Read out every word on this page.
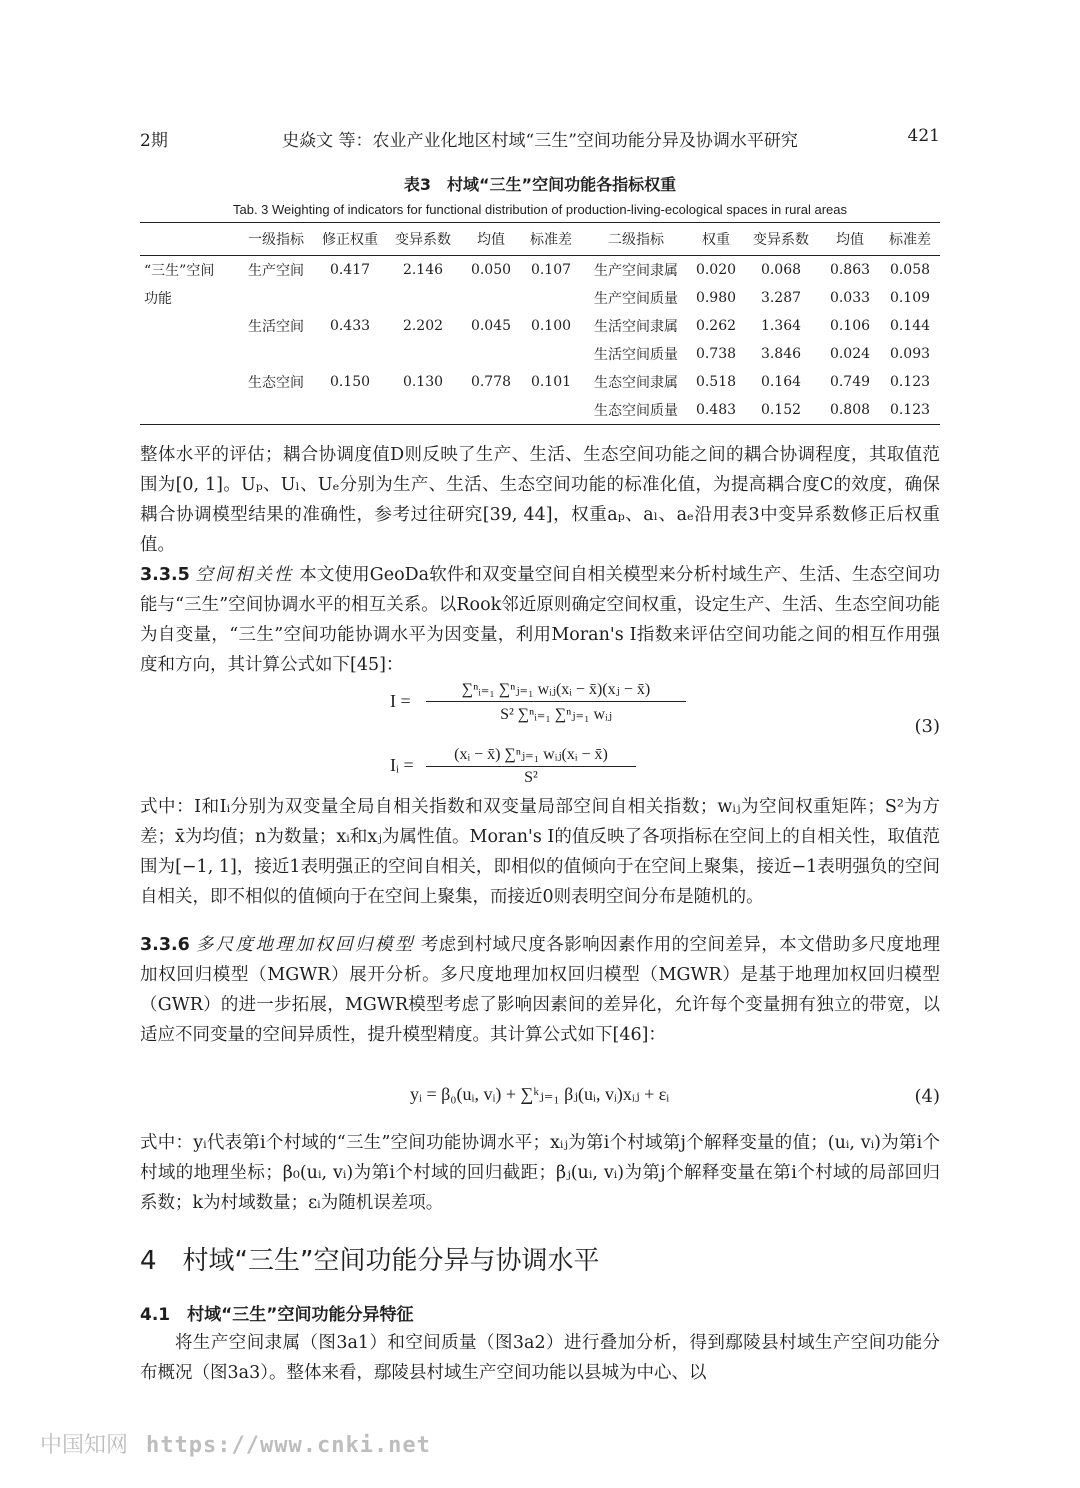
2期	史焱文 等：农业产业化地区村域“三生”空间功能分异及协调水平研究	421
表3　村域“三生”空间功能各指标权重
Tab. 3 Weighting of indicators for functional distribution of production-living-ecological spaces in rural areas
	一级指标	修正权重	变异系数	均值	标准差	二级指标	权重	变异系数	均值	标准差
“三生”空间	生产空间	0.417	2.146	0.050	0.107	生产空间隶属	0.020	0.068	0.863	0.058
功能						生产空间质量	0.980	3.287	0.033	0.109
	生活空间	0.433	2.202	0.045	0.100	生活空间隶属	0.262	1.364	0.106	0.144
						生活空间质量	0.738	3.846	0.024	0.093
	生态空间	0.150	0.130	0.778	0.101	生态空间隶属	0.518	0.164	0.749	0.123
						生态空间质量	0.483	0.152	0.808	0.123

整体水平的评估；耦合协调度值D则反映了生产、生活、生态空间功能之间的耦合协调程度，其取值范围为[0, 1]。Uₚ、Uₗ、Uₑ分别为生产、生活、生态空间功能的标准化值，为提高耦合度C的效度，确保耦合协调模型结果的准确性，参考过往研究[39, 44]，权重aₚ、aₗ、aₑ沿用表3中变异系数修正后权重值。

3.3.5 空间相关性 本文使用GeoDa软件和双变量空间自相关模型来分析村域生产、生活、生态空间功能与“三生”空间协调水平的相互关系。以Rook邻近原则确定空间权重，设定生产、生活、生态空间功能为自变量，“三生”空间功能协调水平为因变量，利用Moran's I指数来评估空间功能之间的相互作用强度和方向，其计算公式如下[45]：

I =
∑ⁿᵢ₌₁ ∑ⁿⱼ₌₁ wᵢⱼ(xᵢ − x̄)(xⱼ − x̄)
S² ∑ⁿᵢ₌₁ ∑ⁿⱼ₌₁ wᵢⱼ
Iᵢ =
(xᵢ − x̄) ∑ⁿⱼ₌₁ wᵢⱼ(xᵢ − x̄)
S²
(3)

式中：I和Iᵢ分别为双变量全局自相关指数和双变量局部空间自相关指数；wᵢⱼ为空间权重矩阵；S²为方差；x̄为均值；n为数量；xᵢ和xⱼ为属性值。Moran's I的值反映了各项指标在空间上的自相关性，取值范围为[−1, 1]，接近1表明强正的空间自相关，即相似的值倾向于在空间上聚集，接近−1表明强负的空间自相关，即不相似的值倾向于在空间上聚集，而接近0则表明空间分布是随机的。

3.3.6 多尺度地理加权回归模型 考虑到村域尺度各影响因素作用的空间差异，本文借助多尺度地理加权回归模型（MGWR）展开分析。多尺度地理加权回归模型（MGWR）是基于地理加权回归模型（GWR）的进一步拓展，MGWR模型考虑了影响因素间的差异化，允许每个变量拥有独立的带宽，以适应不同变量的空间异质性，提升模型精度。其计算公式如下[46]：

yᵢ = β₀(uᵢ, vᵢ) + ∑ᵏⱼ₌₁ βⱼ(uᵢ, vᵢ)xᵢⱼ + εᵢ	(4)

式中：yᵢ代表第i个村域的“三生”空间功能协调水平；xᵢⱼ为第i个村域第j个解释变量的值；(uᵢ, vᵢ)为第i个村域的地理坐标；β₀(uᵢ, vᵢ)为第i个村域的回归截距；βⱼ(uᵢ, vᵢ)为第j个解释变量在第i个村域的局部回归系数；k为村域数量；εᵢ为随机误差项。

4　村域“三生”空间功能分异与协调水平
4.1　村域“三生”空间功能分异特征

将生产空间隶属（图3a1）和空间质量（图3a2）进行叠加分析，得到鄢陵县村域生产空间功能分布概况（图3a3）。整体来看，鄢陵县村域生产空间功能以县城为中心、以

中国知网 https://www.cnki.net
